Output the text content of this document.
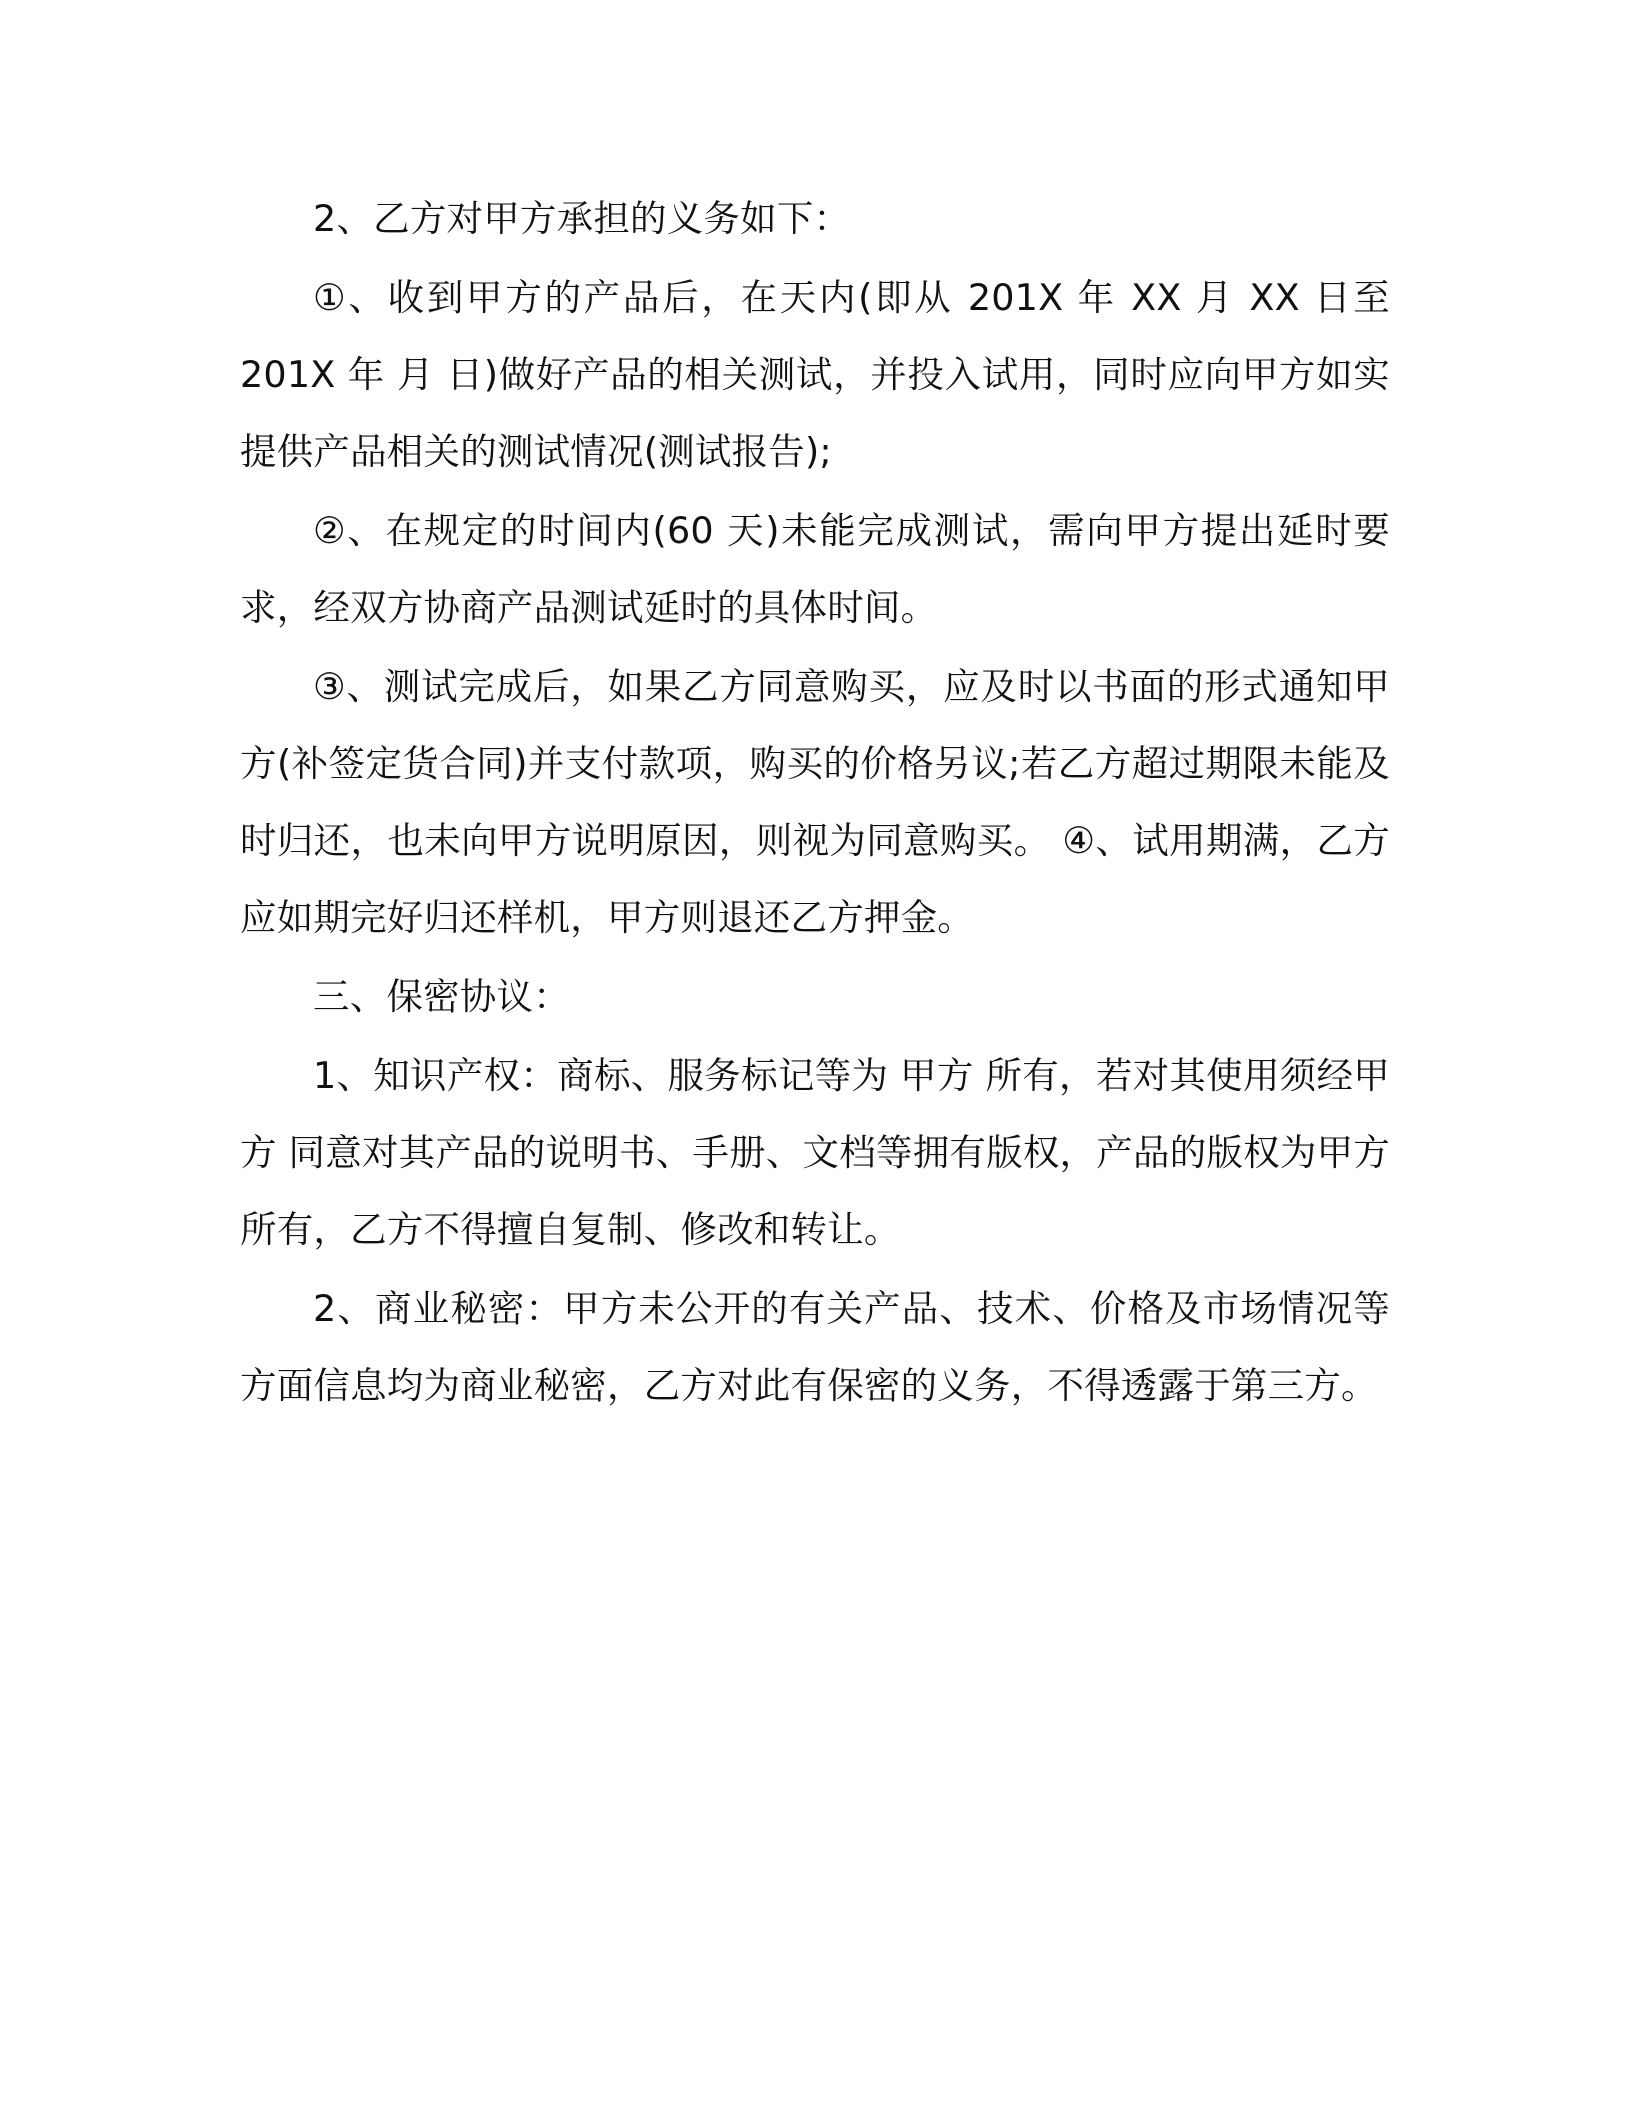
2、乙方对甲方承担的义务如下：

①、收到甲方的产品后，在天内(即从 201X 年 XX 月 XX 日至 201X 年 月 日)做好产品的相关测试，并投入试用，同时应向甲方如实提供产品相关的测试情况(测试报告);

②、在规定的时间内(60 天)未能完成测试，需向甲方提出延时要求，经双方协商产品测试延时的具体时间。

③、测试完成后，如果乙方同意购买，应及时以书面的形式通知甲方(补签定货合同)并支付款项，购买的价格另议;若乙方超过期限未能及时归还，也未向甲方说明原因，则视为同意购买。 ④、试用期满，乙方应如期完好归还样机，甲方则退还乙方押金。

三、保密协议：

1、知识产权：商标、服务标记等为 甲方 所有，若对其使用须经甲方 同意对其产品的说明书、手册、文档等拥有版权，产品的版权为甲方所有，乙方不得擅自复制、修改和转让。

2、商业秘密：甲方未公开的有关产品、技术、价格及市场情况等方面信息均为商业秘密，乙方对此有保密的义务，不得透露于第三方。
